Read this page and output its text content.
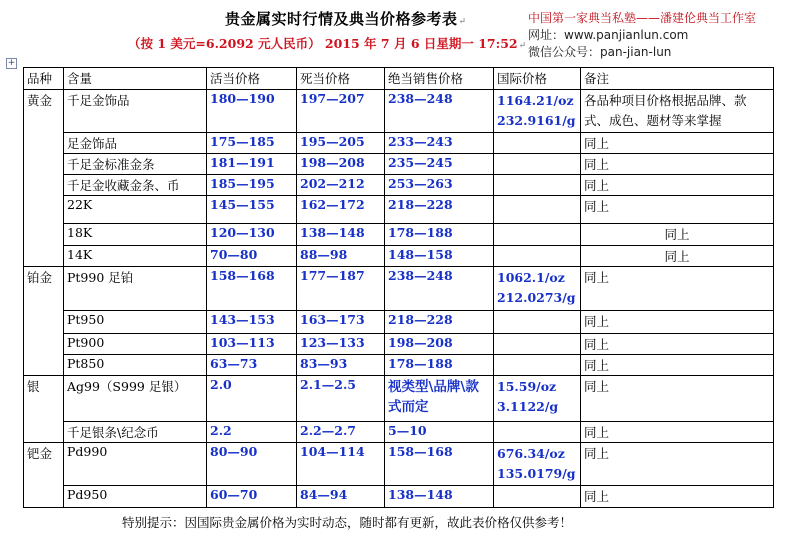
贵金属实时行情及典当价格参考表↵
（按 1 美元=6.2092 元人民币） 2015 年 7 月 6 日星期一 17:52↵
中国第一家典当私塾——潘建伦典当工作室
网址：www.panjianlun.com
微信公众号：pan-jian-lun
+
品种	含量	活当价格	死当价格	绝当销售价格	国际价格	备注
黄金	千足金饰品	180—190	197—207	238—248	1164.21/oz 232.9161/g	各品种项目价格根据品牌、款式、成色、题材等来掌握
	足金饰品	175—185	195—205	233—243		同上
	千足金标准金条	181—191	198—208	235—245		同上
	千足金收藏金条、币	185—195	202—212	253—263		同上
	22K	145—155	162—172	218—228		同上
	18K	120—130	138—148	178—188		同上
	14K	70—80	88—98	148—158		同上
铂金	Pt990 足铂	158—168	177—187	238—248	1062.1/oz 212.0273/g	同上
	Pt950	143—153	163—173	218—228		同上
	Pt900	103—113	123—133	198—208		同上
	Pt850	63—73	83—93	178—188		同上
银	Ag99（S999 足银）	2.0	2.1—2.5	视类型\品牌\款式而定	15.59/oz 3.1122/g	同上
	千足银条\纪念币	2.2	2.2—2.7	5—10		同上
钯金	Pd990	80—90	104—114	158—168	676.34/oz 135.0179/g	同上
	Pd950	60—70	84—94	138—148		同上
特别提示：因国际贵金属价格为实时动态，随时都有更新，故此表价格仅供参考！
